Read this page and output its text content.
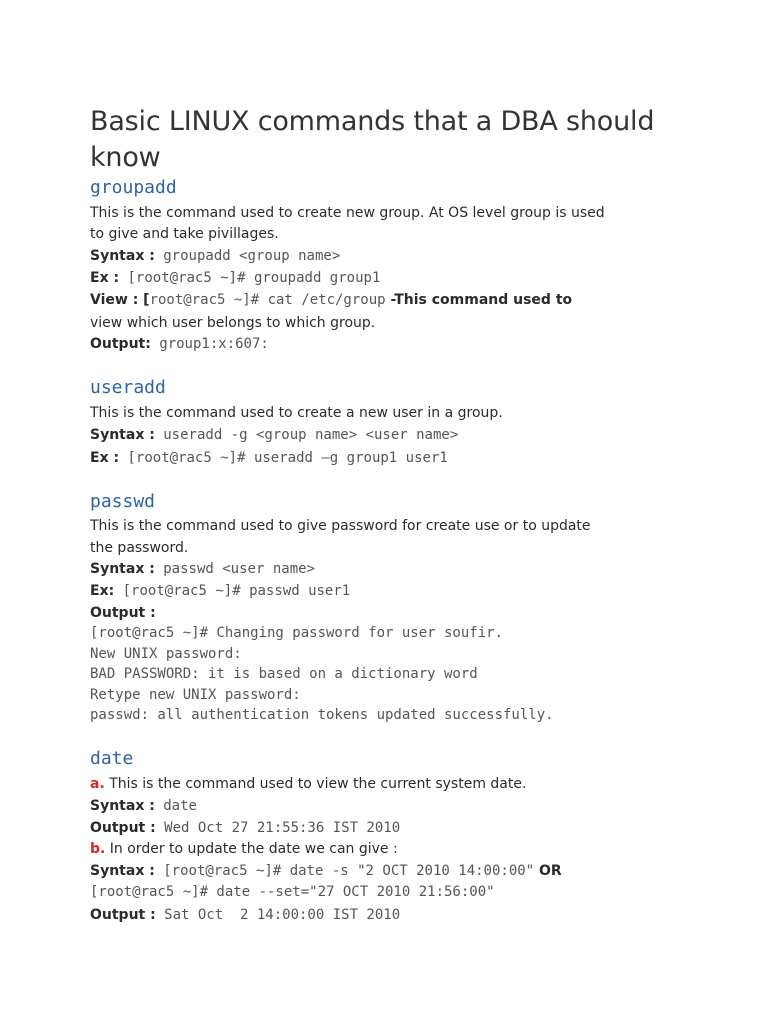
Basic LINUX commands that a DBA should know
groupadd
This is the command used to create new group. At OS level group is used
to give and take pivillages.
Syntax : groupadd <group name>
Ex : [root@rac5 ~]# groupadd group1
View : [root@rac5 ~]# cat /etc/group -This command used to
view which user belongs to which group.
Output: group1:x:607:
useradd
This is the command used to create a new user in a group.
Syntax : useradd -g <group name> <user name>
Ex : [root@rac5 ~]# useradd –g group1 user1
passwd
This is the command used to give password for create use or to update
the password.
Syntax : passwd <user name>
Ex: [root@rac5 ~]# passwd user1
Output :
[root@rac5 ~]# Changing password for user soufir.
New UNIX password:
BAD PASSWORD: it is based on a dictionary word
Retype new UNIX password:
passwd: all authentication tokens updated successfully.
date
a. This is the command used to view the current system date.
Syntax : date
Output : Wed Oct 27 21:55:36 IST 2010
b. In order to update the date we can give :
Syntax : [root@rac5 ~]# date -s "2 OCT 2010 14:00:00" OR
[root@rac5 ~]# date --set="27 OCT 2010 21:56:00"
Output : Sat Oct  2 14:00:00 IST 2010
